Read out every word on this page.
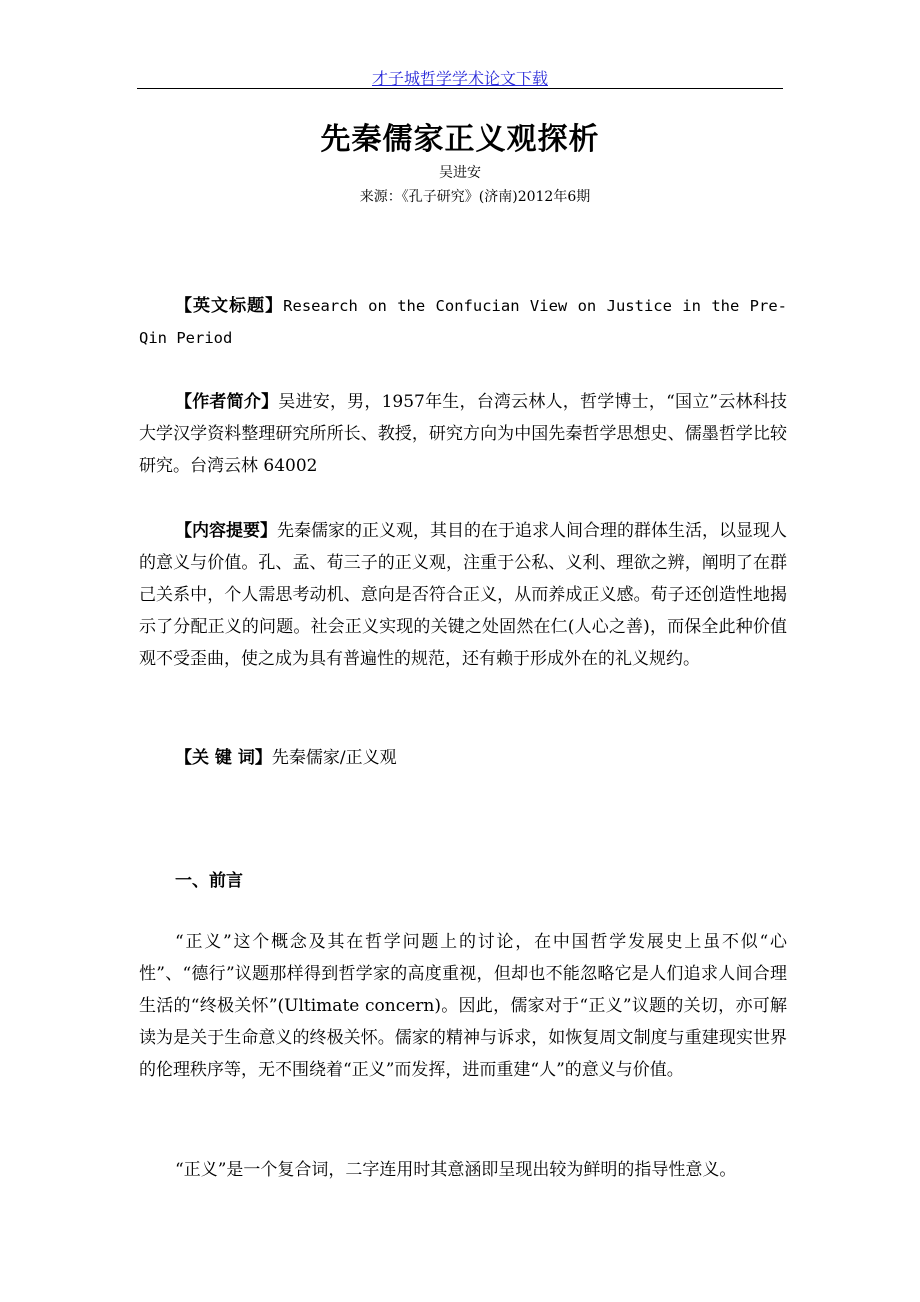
才子城哲学学术论文下载
先秦儒家正义观探析
吴进安
来源：《孔子研究》(济南)2012年6期

【英文标题】Research on the Confucian View on Justice in the Pre-Qin Period

【作者简介】吴进安，男，1957年生，台湾云林人，哲学博士，“国立”云林科技大学汉学资料整理研究所所长、教授，研究方向为中国先秦哲学思想史、儒墨哲学比较研究。台湾云林 64002

【内容提要】先秦儒家的正义观，其目的在于追求人间合理的群体生活，以显现人的意义与价值。孔、孟、荀三子的正义观，注重于公私、义利、理欲之辨，阐明了在群己关系中，个人需思考动机、意向是否符合正义，从而养成正义感。荀子还创造性地揭示了分配正义的问题。社会正义实现的关键之处固然在仁(人心之善)，而保全此种价值观不受歪曲，使之成为具有普遍性的规范，还有赖于形成外在的礼义规约。

【关 键 词】先秦儒家/正义观

一、前言

“正义”这个概念及其在哲学问题上的讨论，在中国哲学发展史上虽不似“心性”、“德行”议题那样得到哲学家的高度重视，但却也不能忽略它是人们追求人间合理生活的“终极关怀”(Ultimate concern)。因此，儒家对于“正义”议题的关切，亦可解读为是关于生命意义的终极关怀。儒家的精神与诉求，如恢复周文制度与重建现实世界的伦理秩序等，无不围绕着“正义”而发挥，进而重建“人”的意义与价值。

“正义”是一个复合词，二字连用时其意涵即呈现出较为鲜明的指导性意义。
